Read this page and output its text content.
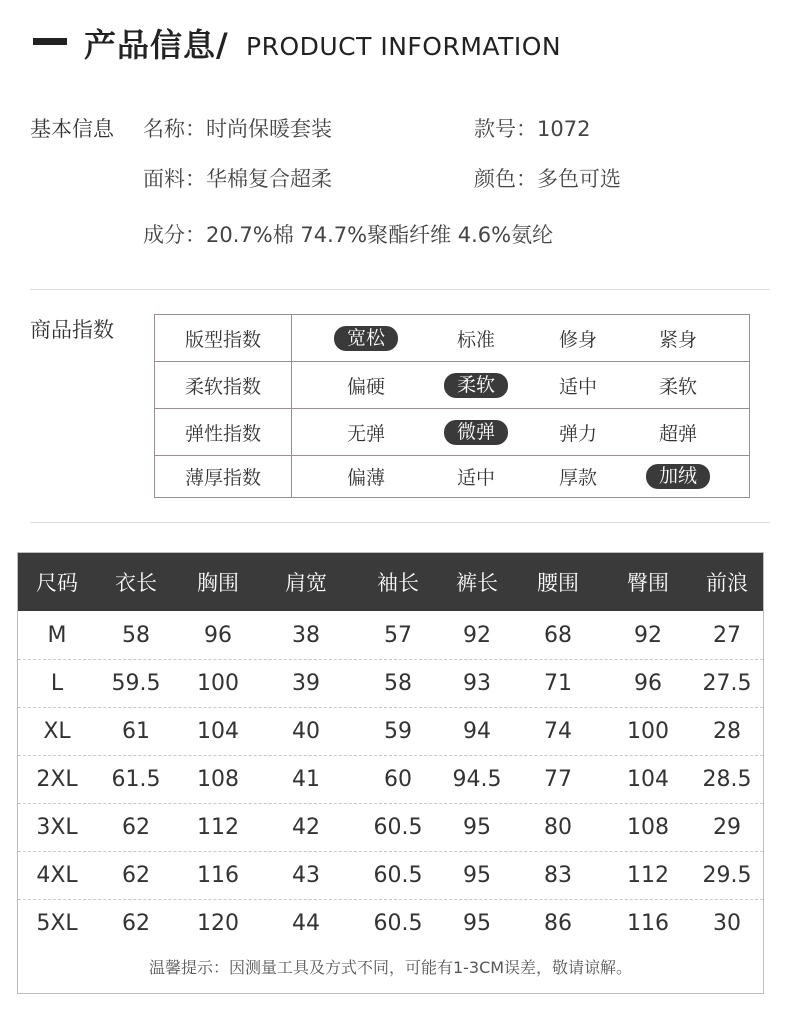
产品信息/ PRODUCT INFORMATION
基本信息 名称：时尚保暖套装	款号：1072
面料：华棉复合超柔	颜色：多色可选
成分：20.7%棉 74.7%聚酯纤维 4.6%氨纶
商品指数	版型指数	宽松	标准	修身	紧身
柔软指数	偏硬	柔软	适中	柔软
弹性指数	无弹	微弹	弹力	超弹
薄厚指数	偏薄	适中	厚款	加绒
尺码	衣长	胸围	肩宽	袖长	裤长	腰围	臀围	前浪
M	58	96	38	57	92	68	92	27
L	59.5	100	39	58	93	71	96	27.5
XL	61	104	40	59	94	74	100	28
2XL	61.5	108	41	60	94.5	77	104	28.5
3XL	62	112	42	60.5	95	80	108	29
4XL	62	116	43	60.5	95	83	112	29.5
5XL	62	120	44	60.5	95	86	116	30
温馨提示：因测量工具及方式不同，可能有1-3CM误差，敬请谅解。
